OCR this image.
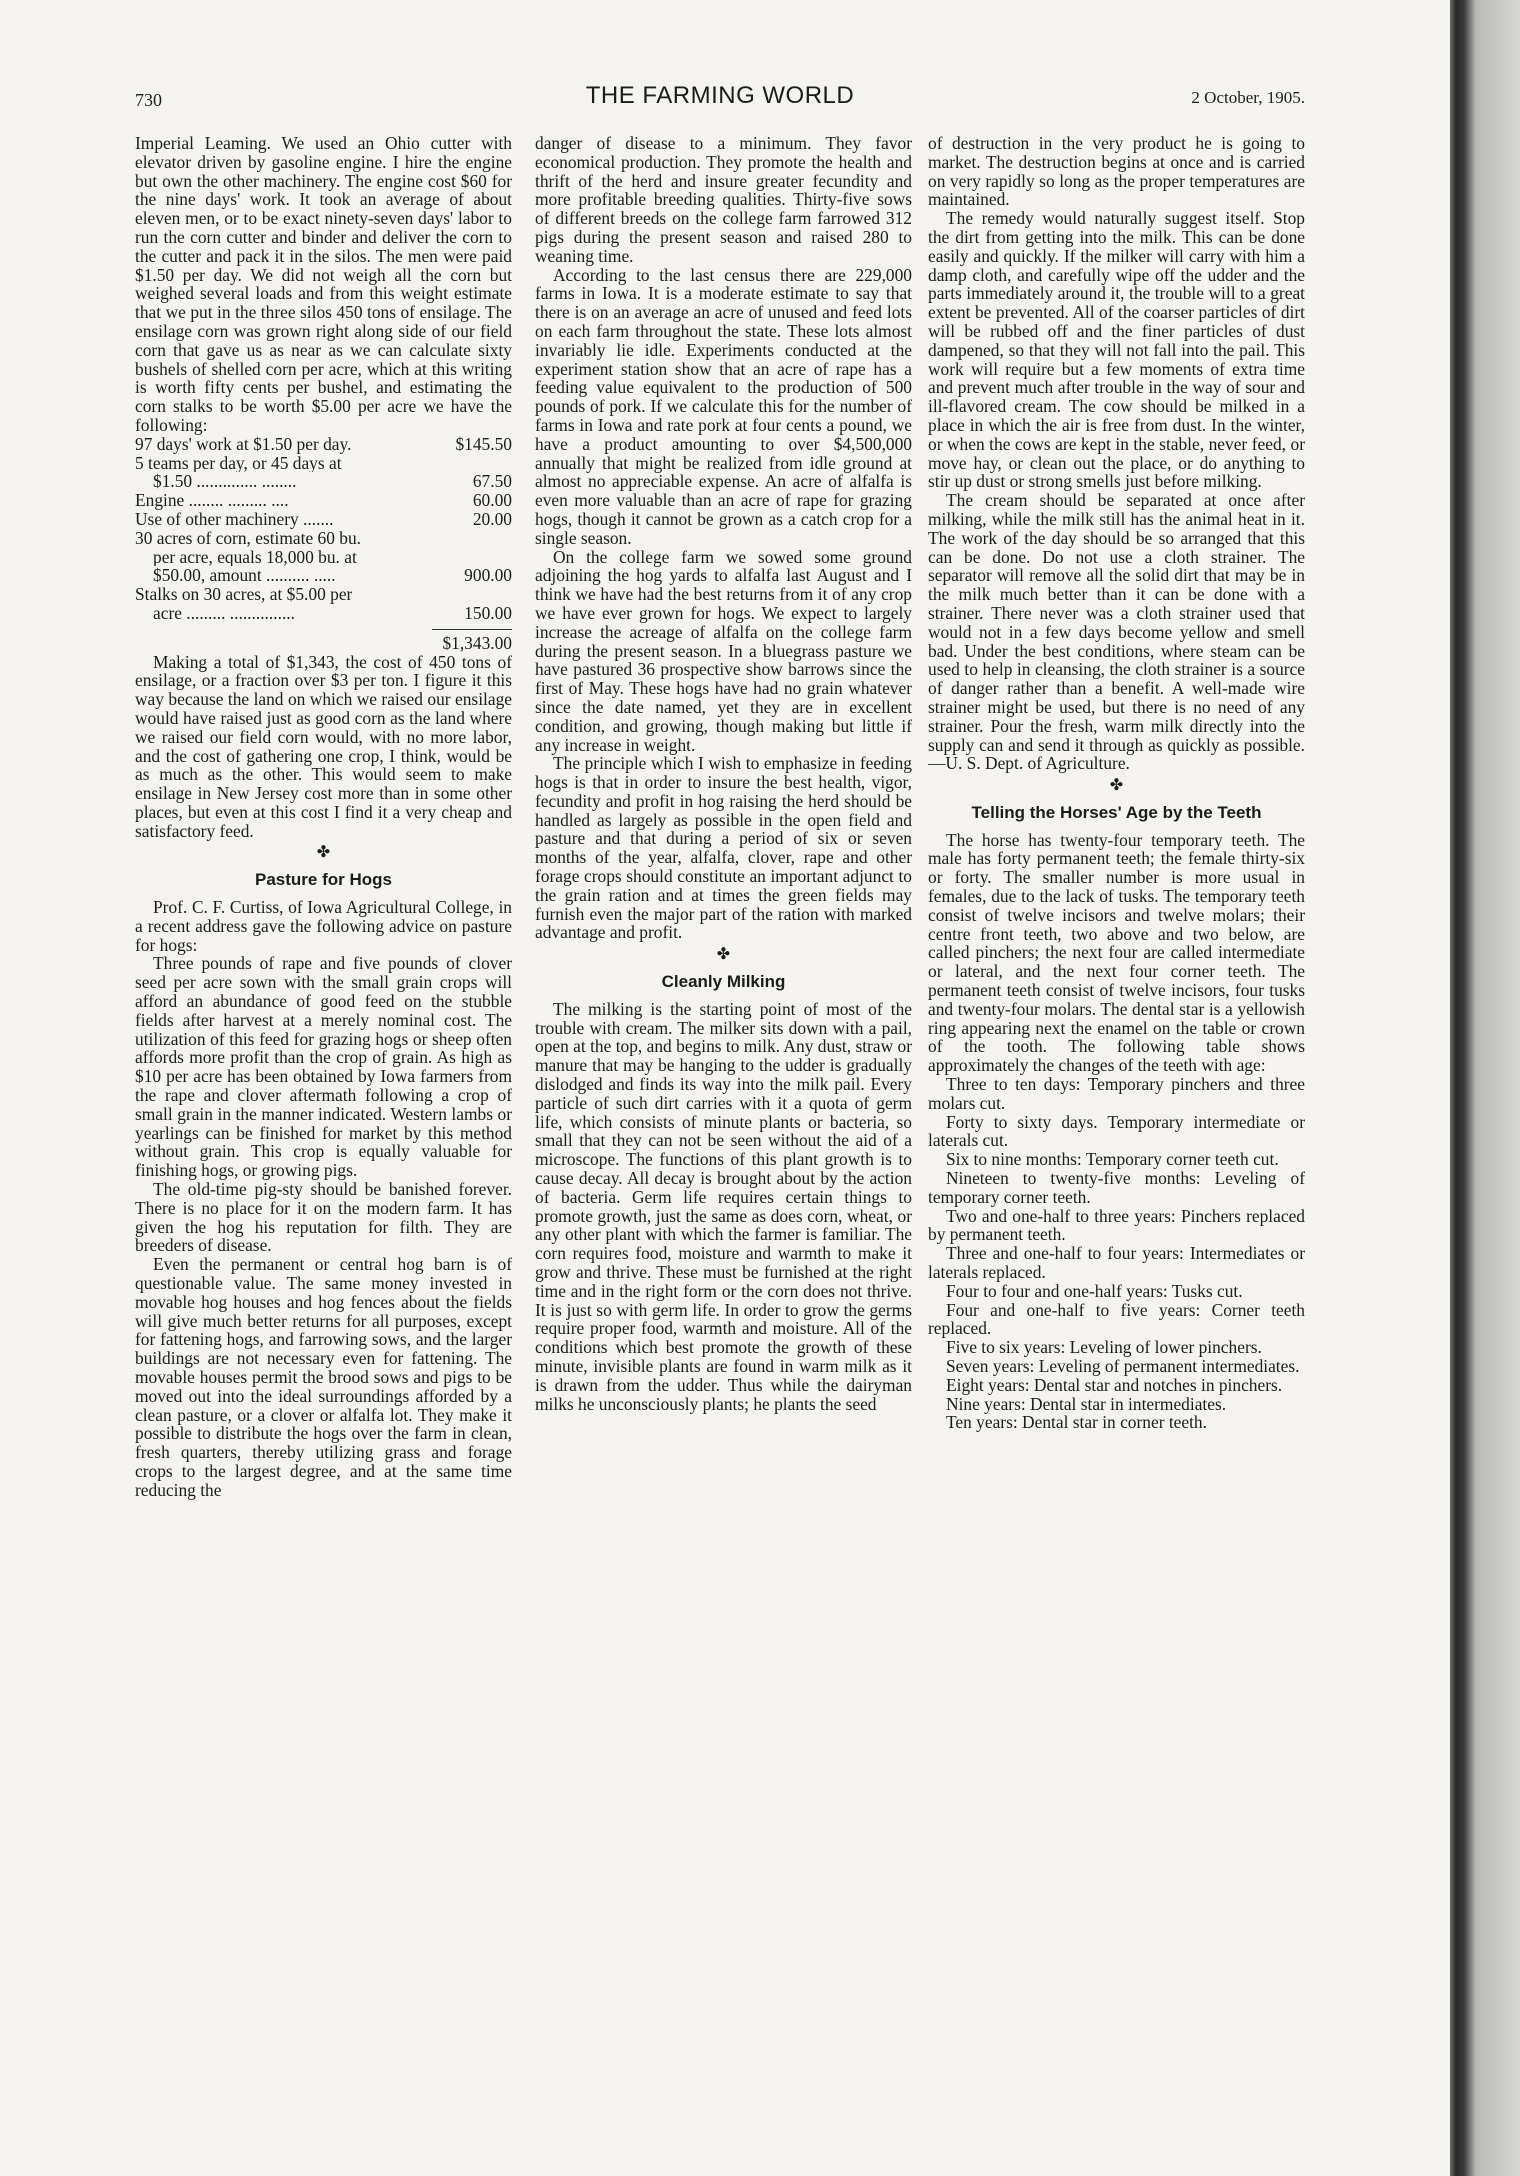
730	THE FARMING WORLD	2 October, 1905.

Imperial Leaming. We used an Ohio cutter with elevator driven by gasoline engine. I hire the engine but own the other machinery. The engine cost $60 for the nine days' work. It took an average of about eleven men, or to be exact ninety-seven days' labor to run the corn cutter and binder and deliver the corn to the cutter and pack it in the silos. The men were paid $1.50 per day. We did not weigh all the corn but weighed several loads and from this weight estimate that we put in the three silos 450 tons of ensilage. The ensilage corn was grown right along side of our field corn that gave us as near as we can calculate sixty bushels of shelled corn per acre, which at this writing is worth fifty cents per bushel, and estimating the corn stalks to be worth $5.00 per acre we have the following:

97 days' work at $1.50 per day.	$145.50
5 teams per day, or 45 days at
$1.50 .............. ........	67.50
Engine ........ ......... ....	60.00
Use of other machinery .......	20.00
30 acres of corn, estimate 60 bu.
per acre, equals 18,000 bu. at
$50.00, amount .......... .....	900.00
Stalks on 30 acres, at $5.00 per
acre ......... ...............	150.00
$1,343.00

Making a total of $1,343, the cost of 450 tons of ensilage, or a fraction over $3 per ton. I figure it this way because the land on which we raised our ensilage would have raised just as good corn as the land where we raised our field corn would, with no more labor, and the cost of gathering one crop, I think, would be as much as the other. This would seem to make ensilage in New Jersey cost more than in some other places, but even at this cost I find it a very cheap and satisfactory feed.

✤
Pasture for Hogs

Prof. C. F. Curtiss, of Iowa Agricultural College, in a recent address gave the following advice on pasture for hogs:

Three pounds of rape and five pounds of clover seed per acre sown with the small grain crops will afford an abundance of good feed on the stubble fields after harvest at a merely nominal cost. The utilization of this feed for grazing hogs or sheep often affords more profit than the crop of grain. As high as $10 per acre has been obtained by Iowa farmers from the rape and clover aftermath following a crop of small grain in the manner indicated. Western lambs or yearlings can be finished for market by this method without grain. This crop is equally valuable for finishing hogs, or growing pigs.

The old-time pig-sty should be banished forever. There is no place for it on the modern farm. It has given the hog his reputation for filth. They are breeders of disease.

Even the permanent or central hog barn is of questionable value. The same money invested in movable hog houses and hog fences about the fields will give much better returns for all purposes, except for fattening hogs, and farrowing sows, and the larger buildings are not necessary even for fattening. The movable houses permit the brood sows and pigs to be moved out into the ideal surroundings afforded by a clean pasture, or a clover or alfalfa lot. They make it possible to distribute the hogs over the farm in clean, fresh quarters, thereby utilizing grass and forage crops to the largest degree, and at the same time reducing the

danger of disease to a minimum. They favor economical production. They promote the health and thrift of the herd and insure greater fecundity and more profitable breeding qualities. Thirty-five sows of different breeds on the college farm farrowed 312 pigs during the present season and raised 280 to weaning time.

According to the last census there are 229,000 farms in Iowa. It is a moderate estimate to say that there is on an average an acre of unused and feed lots on each farm throughout the state. These lots almost invariably lie idle. Experiments conducted at the experiment station show that an acre of rape has a feeding value equivalent to the production of 500 pounds of pork. If we calculate this for the number of farms in Iowa and rate pork at four cents a pound, we have a product amounting to over $4,500,000 annually that might be realized from idle ground at almost no appreciable expense. An acre of alfalfa is even more valuable than an acre of rape for grazing hogs, though it cannot be grown as a catch crop for a single season.

On the college farm we sowed some ground adjoining the hog yards to alfalfa last August and I think we have had the best returns from it of any crop we have ever grown for hogs. We expect to largely increase the acreage of alfalfa on the college farm during the present season. In a bluegrass pasture we have pastured 36 prospective show barrows since the first of May. These hogs have had no grain whatever since the date named, yet they are in excellent condition, and growing, though making but little if any increase in weight.

The principle which I wish to emphasize in feeding hogs is that in order to insure the best health, vigor, fecundity and profit in hog raising the herd should be handled as largely as possible in the open field and pasture and that during a period of six or seven months of the year, alfalfa, clover, rape and other forage crops should constitute an important adjunct to the grain ration and at times the green fields may furnish even the major part of the ration with marked advantage and profit.

✤
Cleanly Milking

The milking is the starting point of most of the trouble with cream. The milker sits down with a pail, open at the top, and begins to milk. Any dust, straw or manure that may be hanging to the udder is gradually dislodged and finds its way into the milk pail. Every particle of such dirt carries with it a quota of germ life, which consists of minute plants or bacteria, so small that they can not be seen without the aid of a microscope. The functions of this plant growth is to cause decay. All decay is brought about by the action of bacteria. Germ life requires certain things to promote growth, just the same as does corn, wheat, or any other plant with which the farmer is familiar. The corn requires food, moisture and warmth to make it grow and thrive. These must be furnished at the right time and in the right form or the corn does not thrive. It is just so with germ life. In order to grow the germs require proper food, warmth and moisture. All of the conditions which best promote the growth of these minute, invisible plants are found in warm milk as it is drawn from the udder. Thus while the dairyman milks he unconsciously plants; he plants the seed

of destruction in the very product he is going to market. The destruction begins at once and is carried on very rapidly so long as the proper temperatures are maintained.

The remedy would naturally suggest itself. Stop the dirt from getting into the milk. This can be done easily and quickly. If the milker will carry with him a damp cloth, and carefully wipe off the udder and the parts immediately around it, the trouble will to a great extent be prevented. All of the coarser particles of dirt will be rubbed off and the finer particles of dust dampened, so that they will not fall into the pail. This work will require but a few moments of extra time and prevent much after trouble in the way of sour and ill-flavored cream. The cow should be milked in a place in which the air is free from dust. In the winter, or when the cows are kept in the stable, never feed, or move hay, or clean out the place, or do anything to stir up dust or strong smells just before milking.

The cream should be separated at once after milking, while the milk still has the animal heat in it. The work of the day should be so arranged that this can be done. Do not use a cloth strainer. The separator will remove all the solid dirt that may be in the milk much better than it can be done with a strainer. There never was a cloth strainer used that would not in a few days become yellow and smell bad. Under the best conditions, where steam can be used to help in cleansing, the cloth strainer is a source of danger rather than a benefit. A well-made wire strainer might be used, but there is no need of any strainer. Pour the fresh, warm milk directly into the supply can and send it through as quickly as possible.—U. S. Dept. of Agriculture.

✤
Telling the Horses' Age by the Teeth

The horse has twenty-four temporary teeth. The male has forty permanent teeth; the female thirty-six or forty. The smaller number is more usual in females, due to the lack of tusks. The temporary teeth consist of twelve incisors and twelve molars; their centre front teeth, two above and two below, are called pinchers; the next four are called intermediate or lateral, and the next four corner teeth. The permanent teeth consist of twelve incisors, four tusks and twenty-four molars. The dental star is a yellowish ring appearing next the enamel on the table or crown of the tooth. The following table shows approximately the changes of the teeth with age:

Three to ten days: Temporary pinchers and three molars cut.

Forty to sixty days. Temporary intermediate or laterals cut.

Six to nine months: Temporary corner teeth cut.

Nineteen to twenty-five months: Leveling of temporary corner teeth.

Two and one-half to three years: Pinchers replaced by permanent teeth.

Three and one-half to four years: Intermediates or laterals replaced.

Four to four and one-half years: Tusks cut.

Four and one-half to five years: Corner teeth replaced.

Five to six years: Leveling of lower pinchers.

Seven years: Leveling of permanent intermediates.

Eight years: Dental star and notches in pinchers.

Nine years: Dental star in intermediates.

Ten years: Dental star in corner teeth.
